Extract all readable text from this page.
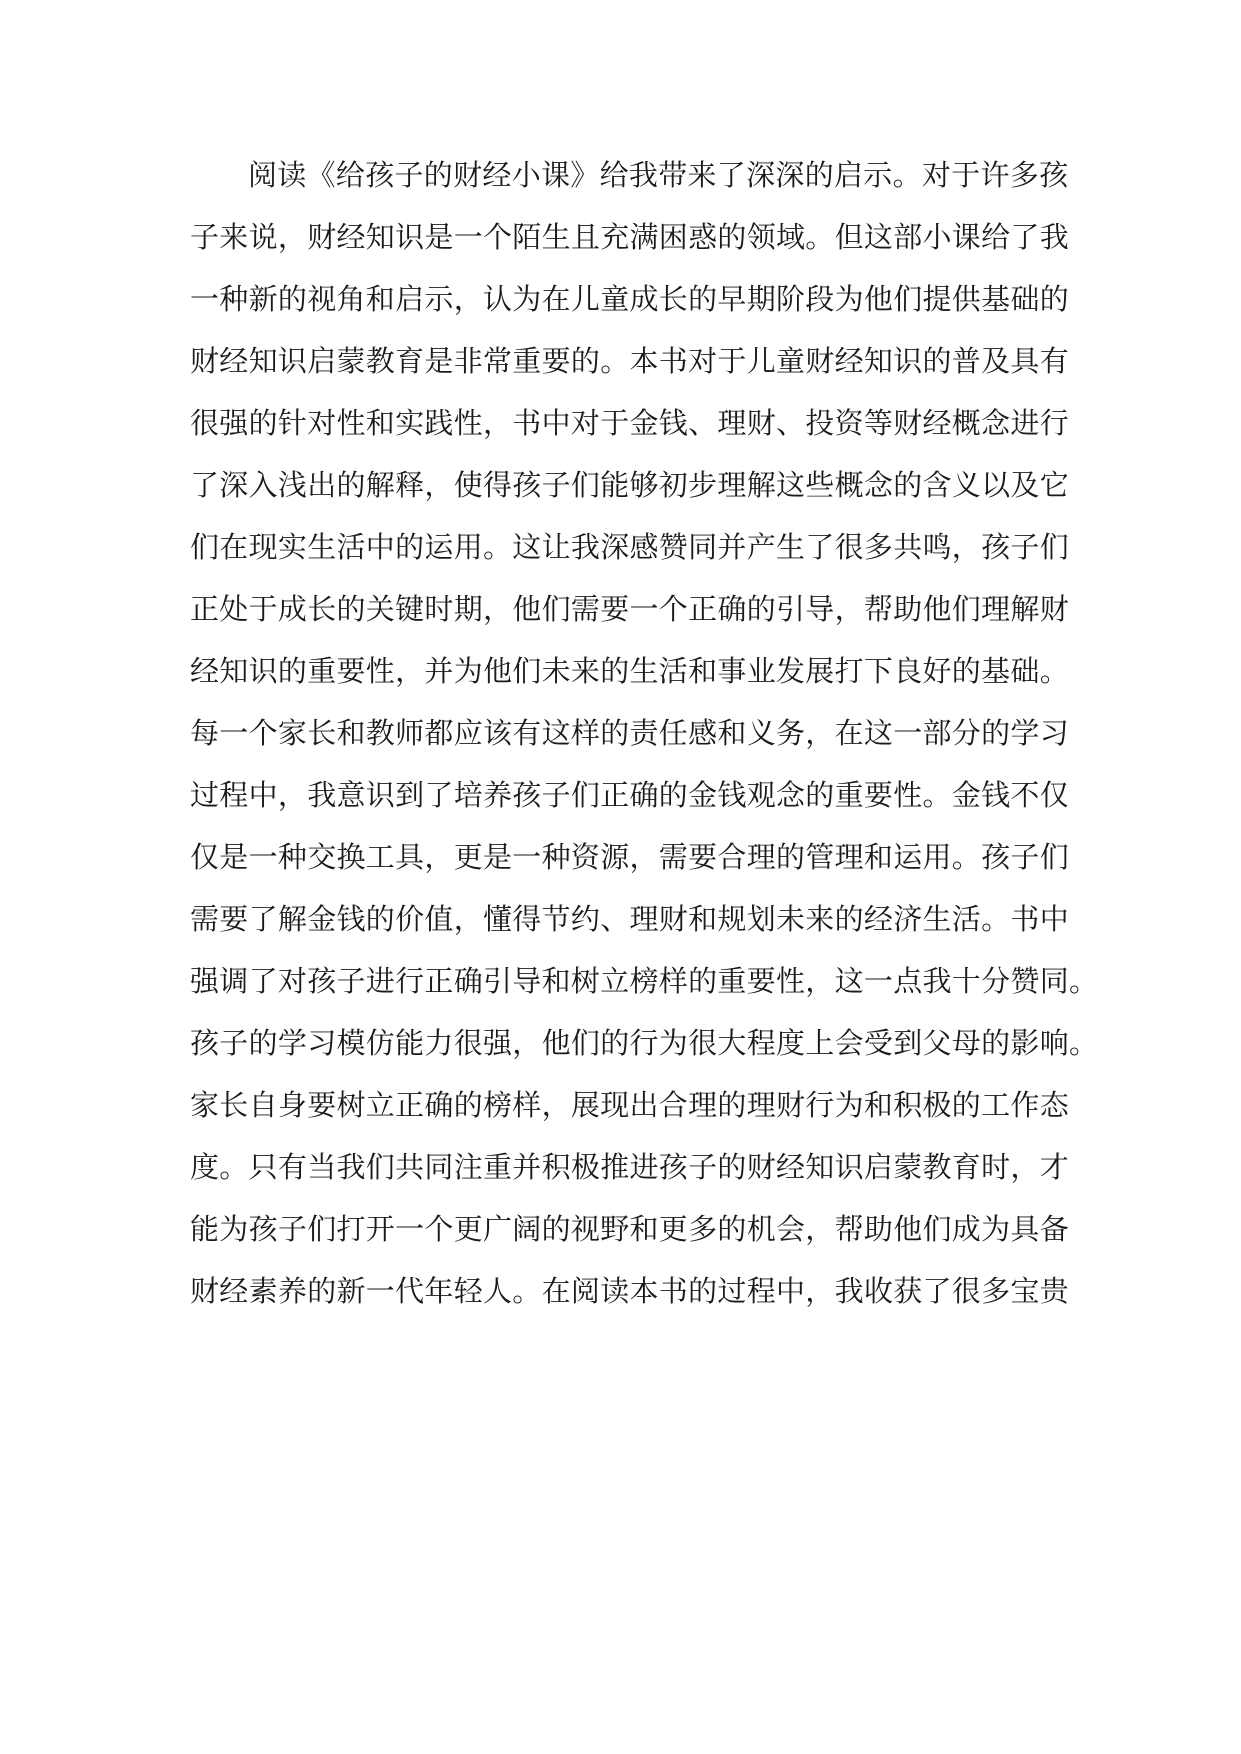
阅读《给孩子的财经小课》给我带来了深深的启示。对于许多孩
子来说，财经知识是一个陌生且充满困惑的领域。但这部小课给了我
一种新的视角和启示，认为在儿童成长的早期阶段为他们提供基础的
财经知识启蒙教育是非常重要的。本书对于儿童财经知识的普及具有
很强的针对性和实践性，书中对于金钱、理财、投资等财经概念进行
了深入浅出的解释，使得孩子们能够初步理解这些概念的含义以及它
们在现实生活中的运用。这让我深感赞同并产生了很多共鸣，孩子们
正处于成长的关键时期，他们需要一个正确的引导，帮助他们理解财
经知识的重要性，并为他们未来的生活和事业发展打下良好的基础。
每一个家长和教师都应该有这样的责任感和义务，在这一部分的学习
过程中，我意识到了培养孩子们正确的金钱观念的重要性。金钱不仅
仅是一种交换工具，更是一种资源，需要合理的管理和运用。孩子们
需要了解金钱的价值，懂得节约、理财和规划未来的经济生活。书中
强调了对孩子进行正确引导和树立榜样的重要性，这一点我十分赞同。
孩子的学习模仿能力很强，他们的行为很大程度上会受到父母的影响。
家长自身要树立正确的榜样，展现出合理的理财行为和积极的工作态
度。只有当我们共同注重并积极推进孩子的财经知识启蒙教育时，才
能为孩子们打开一个更广阔的视野和更多的机会，帮助他们成为具备
财经素养的新一代年轻人。在阅读本书的过程中，我收获了很多宝贵
